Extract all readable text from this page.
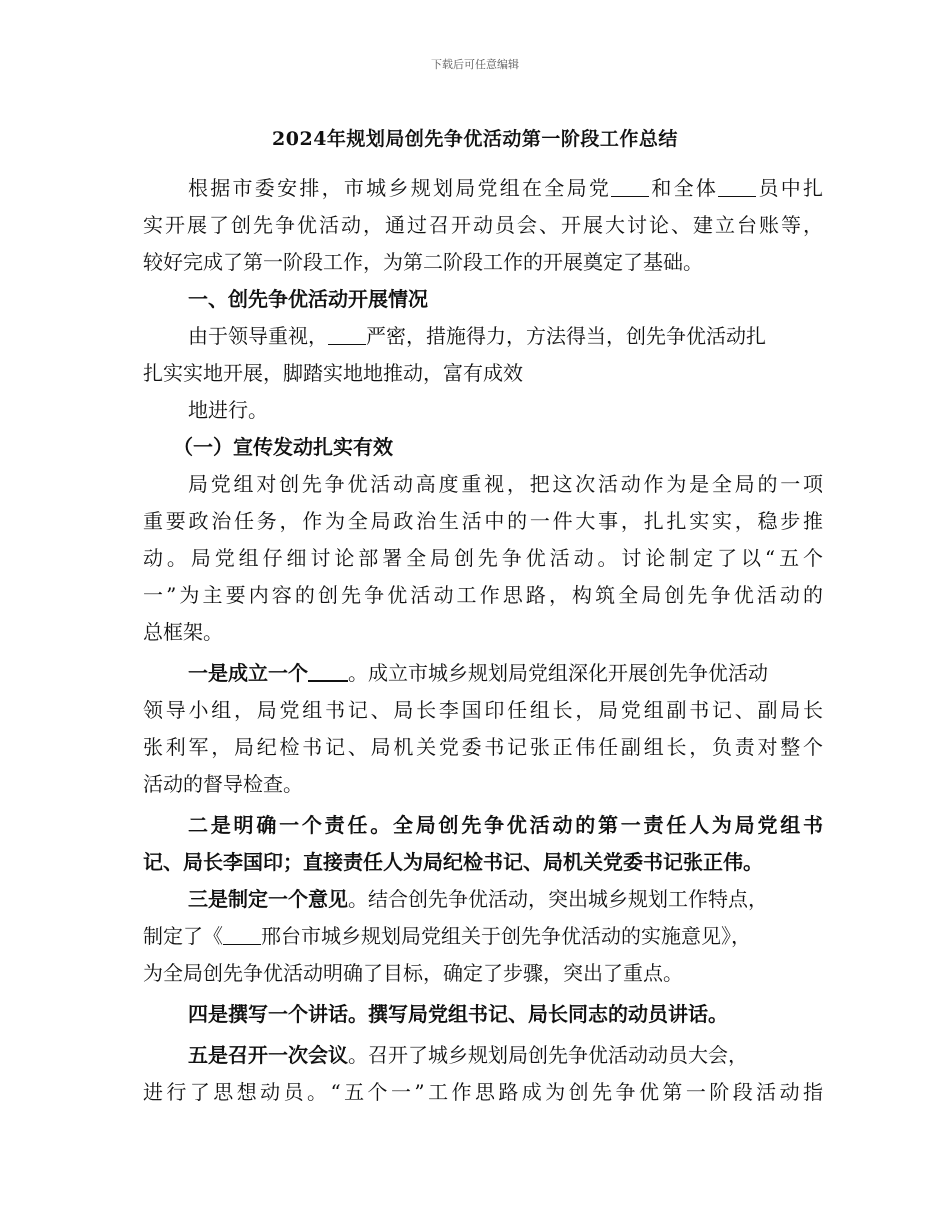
下载后可任意编辑
2024年规划局创先争优活动第一阶段工作总结
根据市委安排，市城乡规划局党组在全局党 和全体 员中扎
实开展了创先争优活动，通过召开动员会、开展大讨论、建立台账等，
较好完成了第一阶段工作，为第二阶段工作的开展奠定了基础。
一、创先争优活动开展情况
由于领导重视， 严密，措施得力，方法得当，创先争优活动扎
扎实实地开展，脚踏实地地推动，富有成效
地进行。
（一）宣传发动扎实有效
局党组对创先争优活动高度重视，把这次活动作为是全局的一项
重要政治任务，作为全局政治生活中的一件大事，扎扎实实，稳步推
动。局党组仔细讨论部署全局创先争优活动。讨论制定了以“五个
一”为主要内容的创先争优活动工作思路，构筑全局创先争优活动的
总框架。
一是成立一个 。成立市城乡规划局党组深化开展创先争优活动
领导小组，局党组书记、局长李国印任组长，局党组副书记、副局长
张利军，局纪检书记、局机关党委书记张正伟任副组长，负责对整个
活动的督导检查。
二是明确一个责任。全局创先争优活动的第一责任人为局党组书
记、局长李国印；直接责任人为局纪检书记、局机关党委书记张正伟。
三是制定一个意见。结合创先争优活动，突出城乡规划工作特点，
制定了《 邢台市城乡规划局党组关于创先争优活动的实施意见》，
为全局创先争优活动明确了目标，确定了步骤，突出了重点。
四是撰写一个讲话。撰写局党组书记、局长同志的动员讲话。
五是召开一次会议。召开了城乡规划局创先争优活动动员大会，
进行了思想动员。“五个一”工作思路成为创先争优第一阶段活动指
